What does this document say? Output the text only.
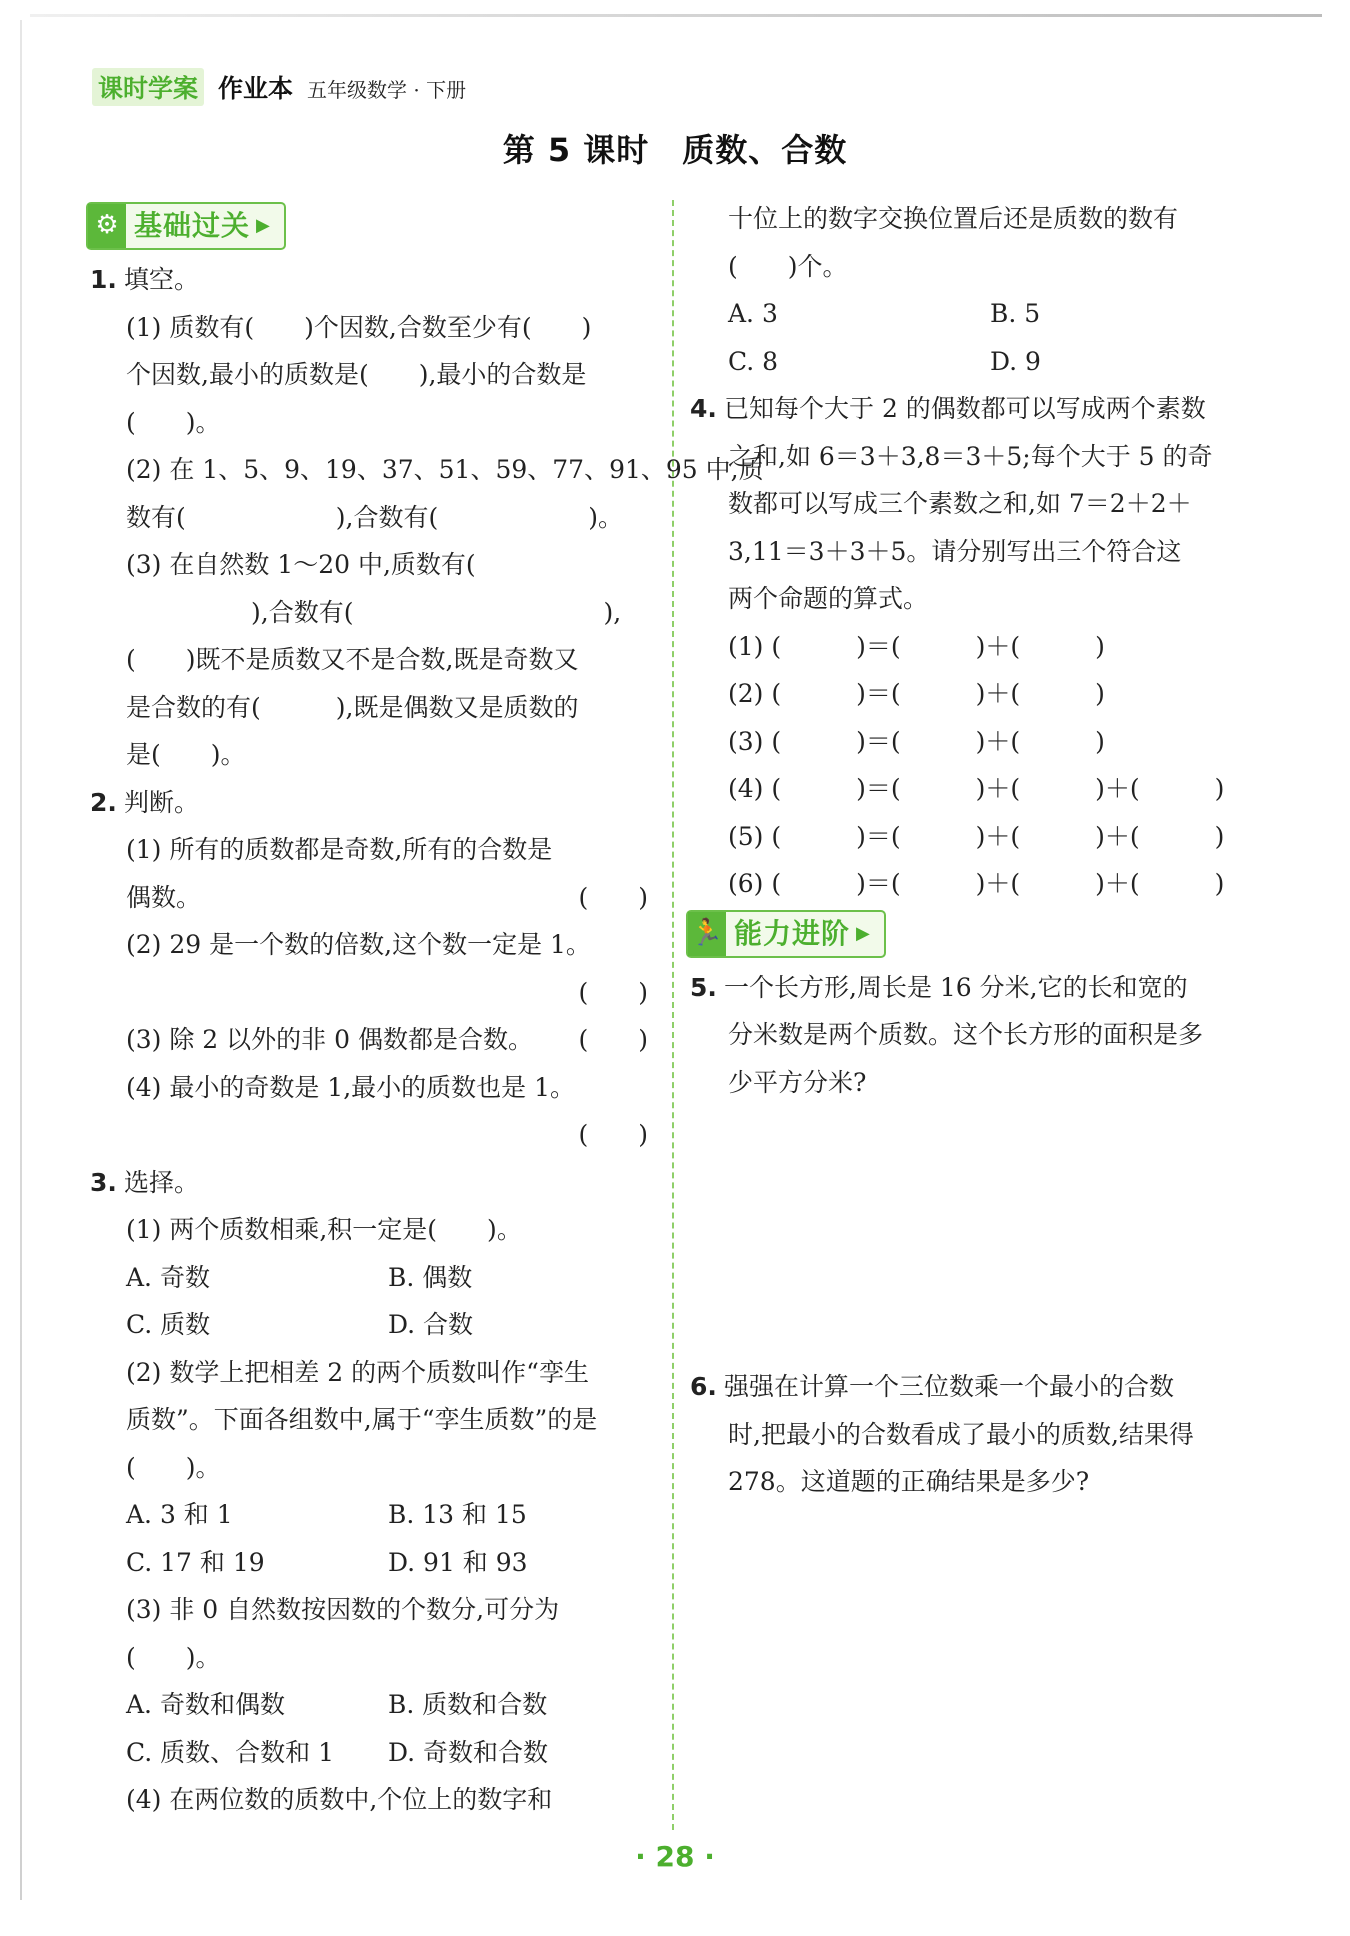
课时学案 作业本 五年级数学 · 下册
第 5 课时　质数、合数
⚙ 基础过关 ▶
1. 填空。
(1) 质数有(　　)个因数,合数至少有(　　)
个因数,最小的质数是(　　),最小的合数是
(　　)。
(2) 在 1、5、9、19、37、51、59、77、91、95 中,质
数有(　　　　　　),合数有(　　　　　　)。
(3) 在自然数 1～20 中,质数有(
　　　　　),合数有(　　　　　　　　　　),
(　　)既不是质数又不是合数,既是奇数又
是合数的有(　　　),既是偶数又是质数的
是(　　)。
2. 判断。
(1) 所有的质数都是奇数,所有的合数是
偶数。	(　　)
(2) 29 是一个数的倍数,这个数一定是 1。
(　　)
(3) 除 2 以外的非 0 偶数都是合数。 (　　)
(4) 最小的奇数是 1,最小的质数也是 1。
(　　)
3. 选择。
(1) 两个质数相乘,积一定是(　　)。
A. 奇数	B. 偶数
C. 质数	D. 合数
(2) 数学上把相差 2 的两个质数叫作“孪生
质数”。下面各组数中,属于“孪生质数”的是
(　　)。
A. 3 和 1	B. 13 和 15
C. 17 和 19	D. 91 和 93
(3) 非 0 自然数按因数的个数分,可分为
(　　)。
A. 奇数和偶数	B. 质数和合数
C. 质数、合数和 1	D. 奇数和合数
(4) 在两位数的质数中,个位上的数字和
十位上的数字交换位置后还是质数的数有
(　　)个。
A. 3	B. 5
C. 8	D. 9
4. 已知每个大于 2 的偶数都可以写成两个素数
之和,如 6＝3＋3,8＝3＋5;每个大于 5 的奇
数都可以写成三个素数之和,如 7＝2＋2＋
3,11＝3＋3＋5。请分别写出三个符合这
两个命题的算式。
(1) (　　　)＝(　　　)＋(　　　)
(2) (　　　)＝(　　　)＋(　　　)
(3) (　　　)＝(　　　)＋(　　　)
(4) (　　　)＝(　　　)＋(　　　)＋(　　　)
(5) (　　　)＝(　　　)＋(　　　)＋(　　　)
(6) (　　　)＝(　　　)＋(　　　)＋(　　　)
🏃 能力进阶 ▶
5. 一个长方形,周长是 16 分米,它的长和宽的
分米数是两个质数。这个长方形的面积是多
少平方分米?
6. 强强在计算一个三位数乘一个最小的合数
时,把最小的合数看成了最小的质数,结果得
278。这道题的正确结果是多少?
· 28 ·
